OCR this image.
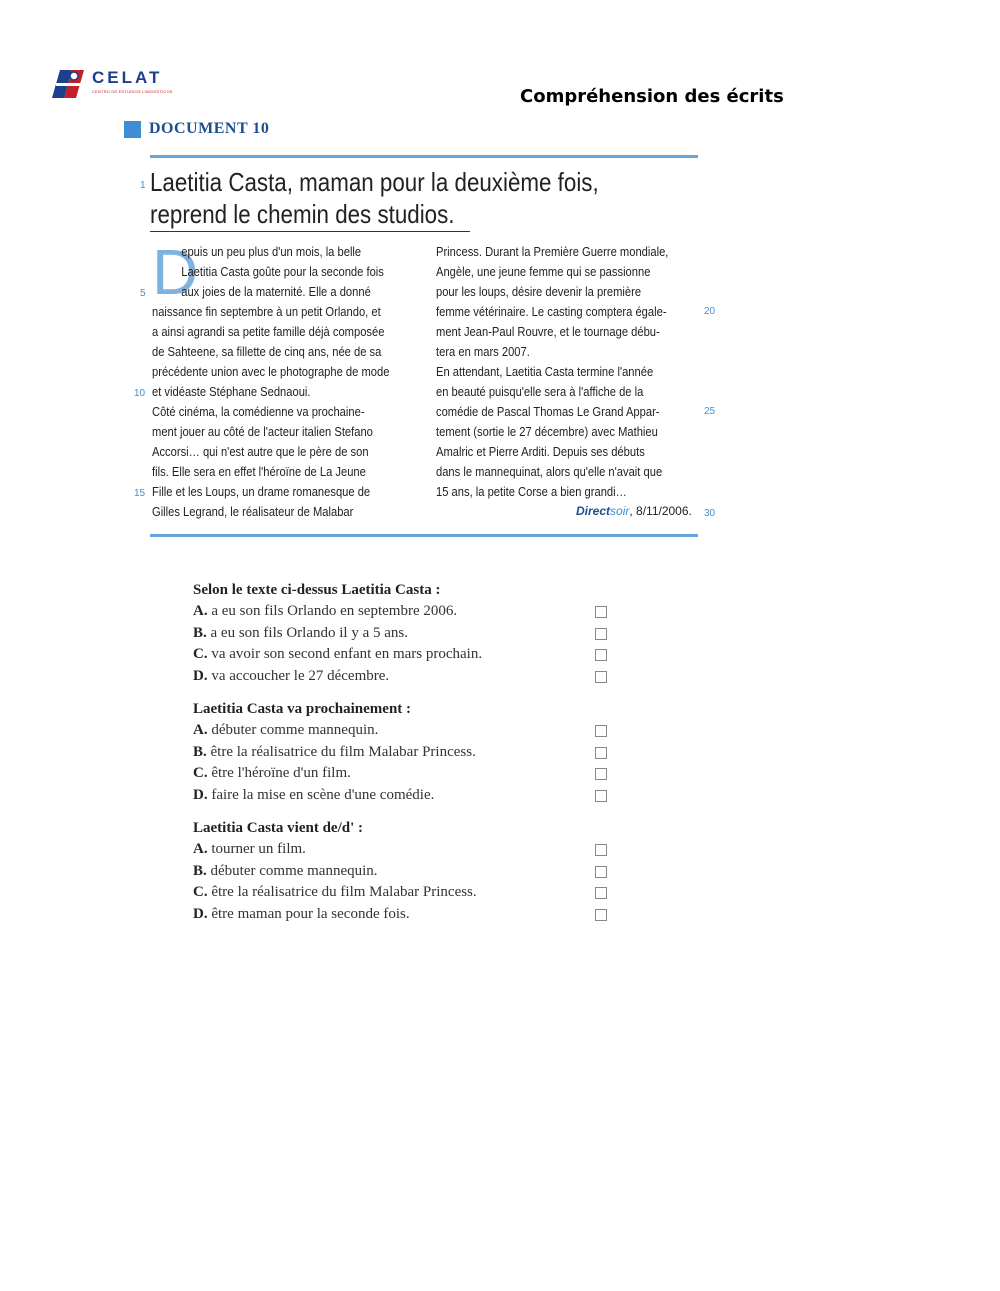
CELAT
CENTRO DE ESTUDIOS LINGÜÍSTICOS	Compréhension des écrits
DOCUMENT 10
1 Laetitia Casta, maman pour la deuxième fois,
reprend le chemin des studios.
D
epuis un peu plus d'un mois, la belle
Laetitia Casta goûte pour la seconde fois
aux joies de la maternité. Elle a donné
naissance fin septembre à un petit Orlando, et
a ainsi agrandi sa petite famille déjà composée
de Sahteene, sa fillette de cinq ans, née de sa
précédente union avec le photographe de mode
et vidéaste Stéphane Sednaoui.
Côté cinéma, la comédienne va prochaine-
ment jouer au côté de l'acteur italien Stefano
Accorsi… qui n'est autre que le père de son
fils. Elle sera en effet l'héroïne de La Jeune
Fille et les Loups, un drame romanesque de
Gilles Legrand, le réalisateur de Malabar
Princess. Durant la Première Guerre mondiale,
Angèle, une jeune femme qui se passionne
pour les loups, désire devenir la première
femme vétérinaire. Le casting comptera égale-
ment Jean-Paul Rouvre, et le tournage débu-
tera en mars 2007.
En attendant, Laetitia Casta termine l'année
en beauté puisqu'elle sera à l'affiche de la
comédie de Pascal Thomas Le Grand Appar-
tement (sortie le 27 décembre) avec Mathieu
Amalric et Pierre Arditi. Depuis ses débuts
dans le mannequinat, alors qu'elle n'avait que
15 ans, la petite Corse a bien grandi…
5
10
15
20
25
30
Directsoir, 8/11/2006.
Selon le texte ci-dessus Laetitia Casta :
A. a eu son fils Orlando en septembre 2006.
B. a eu son fils Orlando il y a 5 ans.
C. va avoir son second enfant en mars prochain.
D. va accoucher le 27 décembre.
Laetitia Casta va prochainement :
A. débuter comme mannequin.
B. être la réalisatrice du film Malabar Princess.
C. être l'héroïne d'un film.
D. faire la mise en scène d'une comédie.
Laetitia Casta vient de/d' :
A. tourner un film.
B. débuter comme mannequin.
C. être la réalisatrice du film Malabar Princess.
D. être maman pour la seconde fois.
